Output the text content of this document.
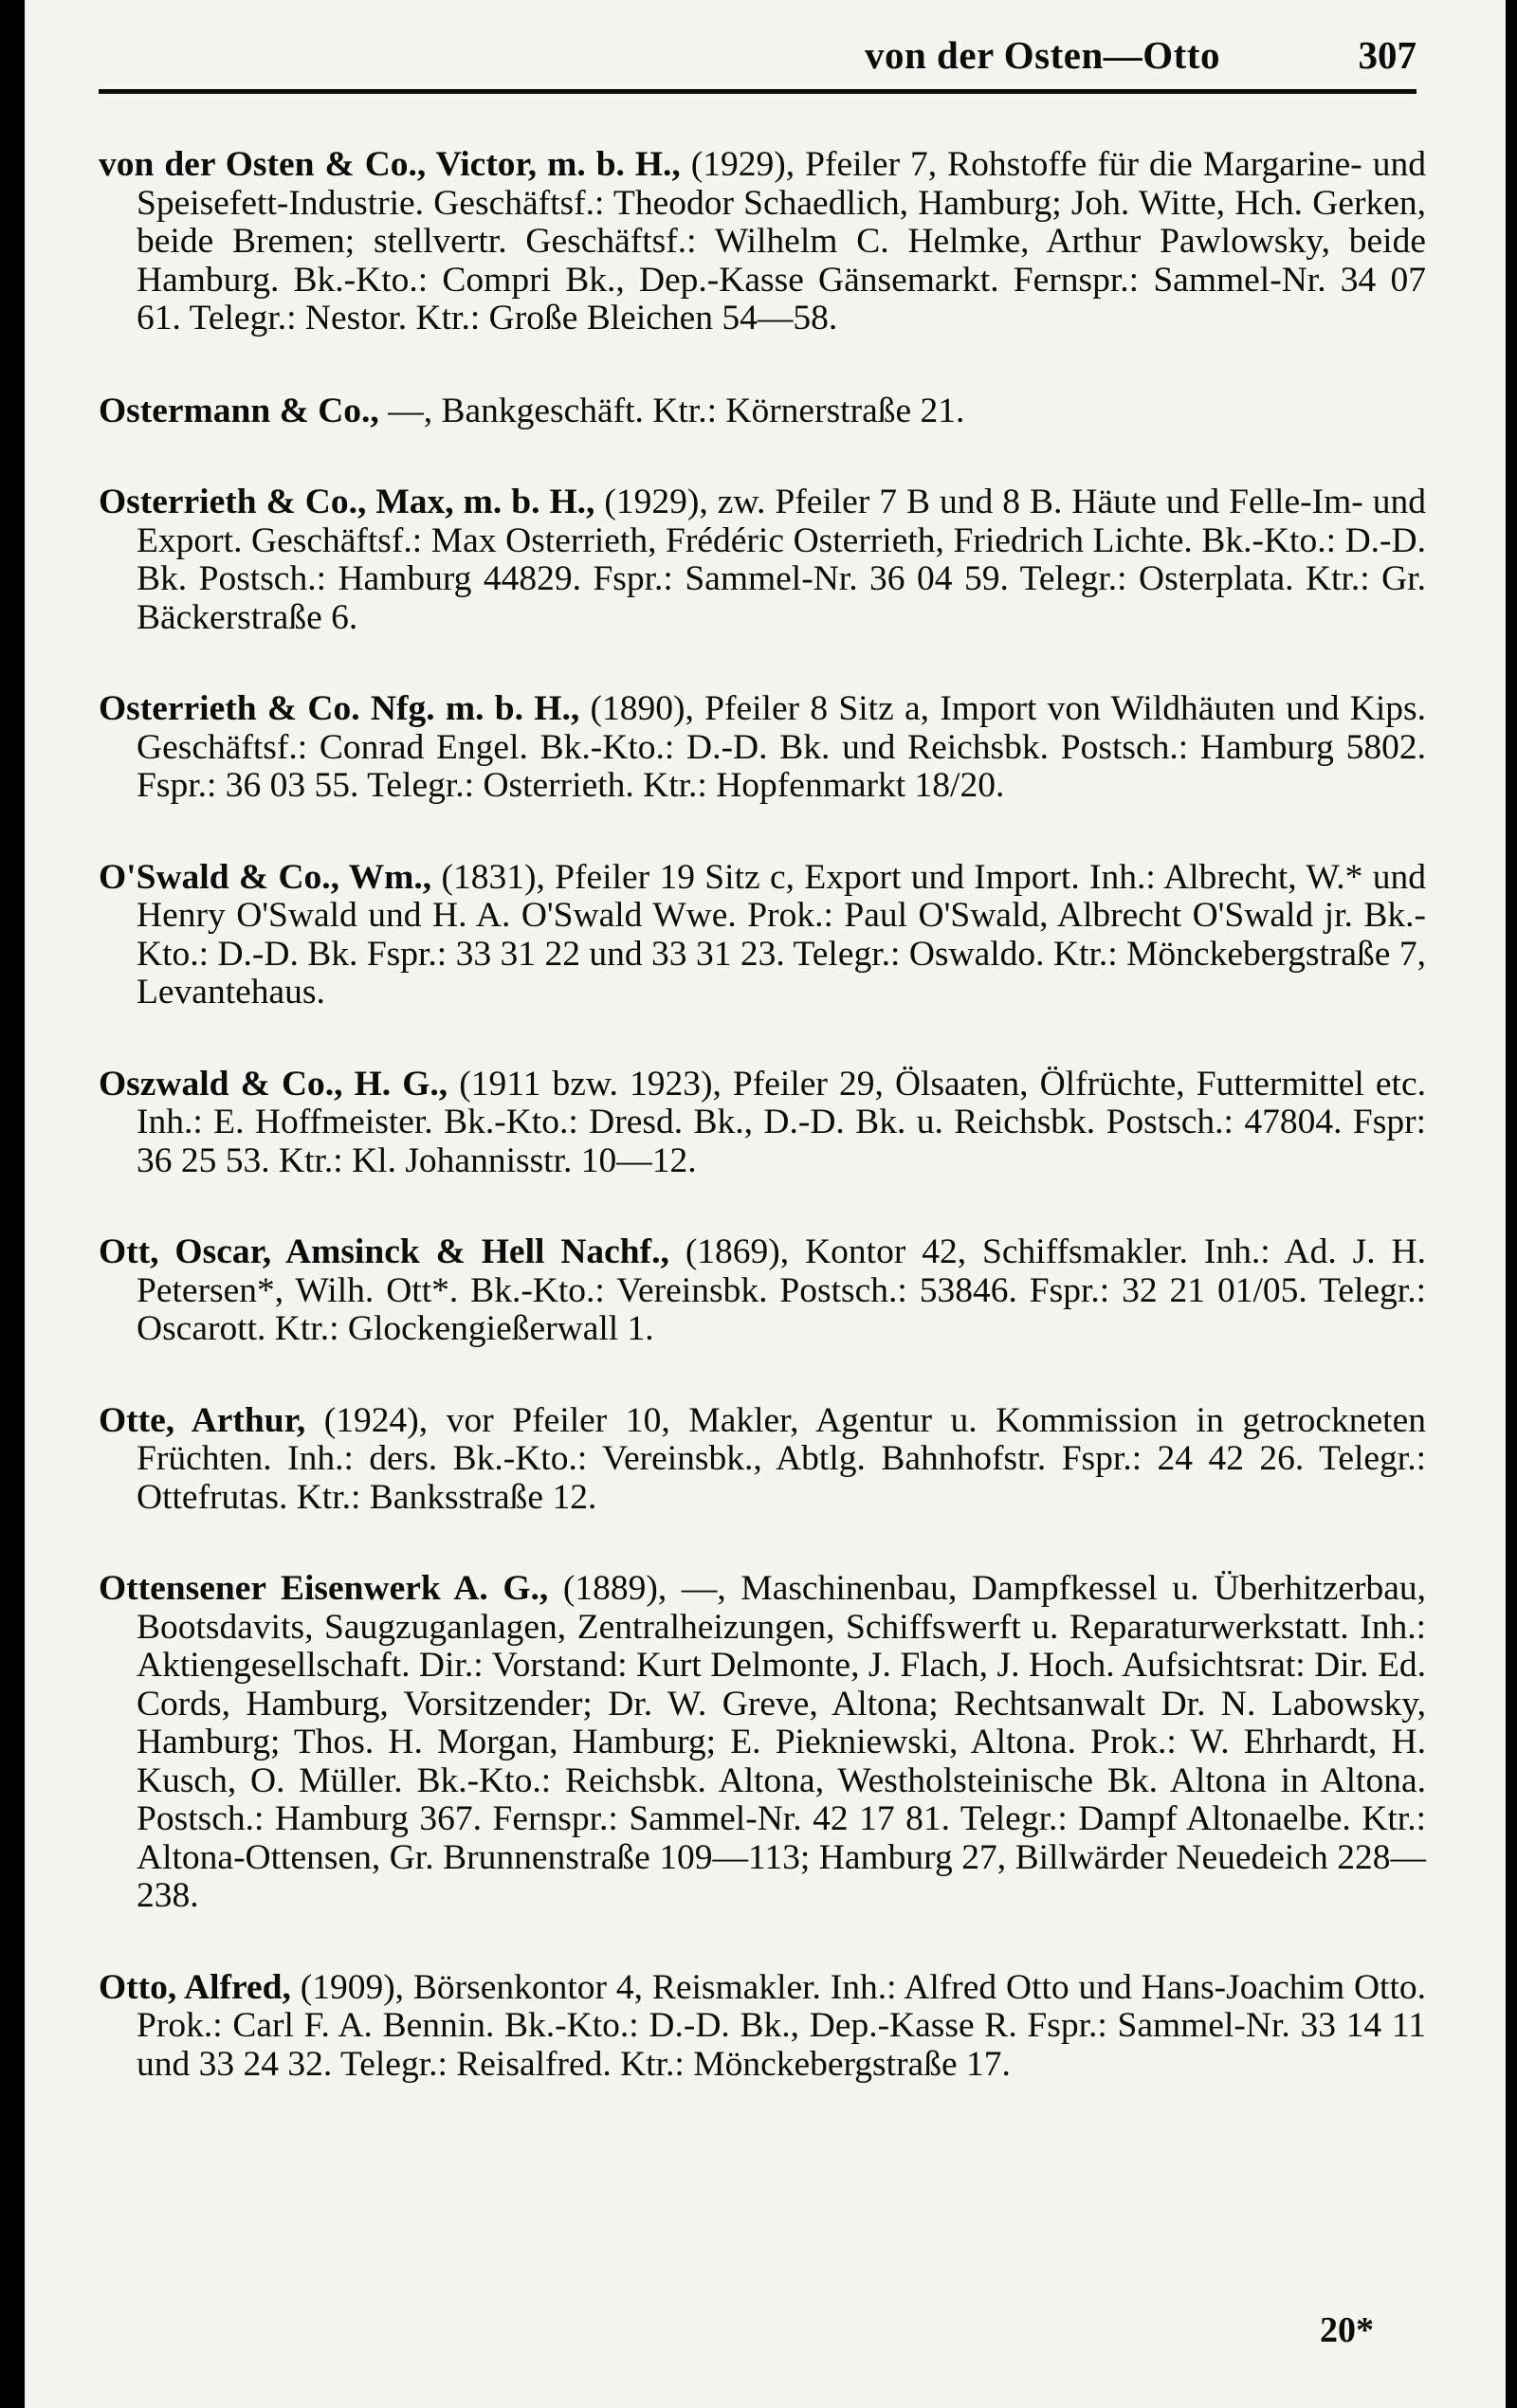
von der Osten—Otto	307

von der Osten & Co., Victor, m. b. H., (1929), Pfeiler 7, Rohstoffe für die Margarine- und Speisefett-Industrie. Geschäftsf.: Theodor Schaedlich, Hamburg; Joh. Witte, Hch. Gerken, beide Bremen; stellvertr. Geschäftsf.: Wilhelm C. Helmke, Arthur Pawlowsky, beide Hamburg. Bk.-Kto.: Compri Bk., Dep.-Kasse Gänsemarkt. Fernspr.: Sammel-Nr. 34 07 61. Telegr.: Nestor. Ktr.: Große Bleichen 54—58.

Ostermann & Co., —, Bankgeschäft. Ktr.: Körnerstraße 21.

Osterrieth & Co., Max, m. b. H., (1929), zw. Pfeiler 7 B und 8 B. Häute und Felle-Im- und Export. Geschäftsf.: Max Osterrieth, Frédéric Osterrieth, Friedrich Lichte. Bk.-Kto.: D.-D. Bk. Postsch.: Hamburg 44829. Fspr.: Sammel-Nr. 36 04 59. Telegr.: Osterplata. Ktr.: Gr. Bäckerstraße 6.

Osterrieth & Co. Nfg. m. b. H., (1890), Pfeiler 8 Sitz a, Import von Wildhäuten und Kips. Geschäftsf.: Conrad Engel. Bk.-Kto.: D.-D. Bk. und Reichsbk. Postsch.: Hamburg 5802. Fspr.: 36 03 55. Telegr.: Osterrieth. Ktr.: Hopfenmarkt 18/20.

O'Swald & Co., Wm., (1831), Pfeiler 19 Sitz c, Export und Import. Inh.: Albrecht, W.* und Henry O'Swald und H. A. O'Swald Wwe. Prok.: Paul O'Swald, Albrecht O'Swald jr. Bk.-Kto.: D.-D. Bk. Fspr.: 33 31 22 und 33 31 23. Telegr.: Oswaldo. Ktr.: Mönckebergstraße 7, Levantehaus.

Oszwald & Co., H. G., (1911 bzw. 1923), Pfeiler 29, Ölsaaten, Ölfrüchte, Futtermittel etc. Inh.: E. Hoffmeister. Bk.-Kto.: Dresd. Bk., D.-D. Bk. u. Reichsbk. Postsch.: 47804. Fspr: 36 25 53. Ktr.: Kl. Johannisstr. 10—12.

Ott, Oscar, Amsinck & Hell Nachf., (1869), Kontor 42, Schiffsmakler. Inh.: Ad. J. H. Petersen*, Wilh. Ott*. Bk.-Kto.: Vereinsbk. Postsch.: 53846. Fspr.: 32 21 01/05. Telegr.: Oscarott. Ktr.: Glockengießerwall 1.

Otte, Arthur, (1924), vor Pfeiler 10, Makler, Agentur u. Kommission in getrockneten Früchten. Inh.: ders. Bk.-Kto.: Vereinsbk., Abtlg. Bahnhofstr. Fspr.: 24 42 26. Telegr.: Ottefrutas. Ktr.: Banksstraße 12.

Ottensener Eisenwerk A. G., (1889), —, Maschinenbau, Dampfkessel u. Überhitzerbau, Bootsdavits, Saugzuganlagen, Zentralheizungen, Schiffswerft u. Reparaturwerkstatt. Inh.: Aktiengesellschaft. Dir.: Vorstand: Kurt Delmonte, J. Flach, J. Hoch. Aufsichtsrat: Dir. Ed. Cords, Hamburg, Vorsitzender; Dr. W. Greve, Altona; Rechtsanwalt Dr. N. Labowsky, Hamburg; Thos. H. Morgan, Hamburg; E. Piekniewski, Altona. Prok.: W. Ehrhardt, H. Kusch, O. Müller. Bk.-Kto.: Reichsbk. Altona, Westholsteinische Bk. Altona in Altona. Postsch.: Hamburg 367. Fernspr.: Sammel-Nr. 42 17 81. Telegr.: Dampf Altonaelbe. Ktr.: Altona-Ottensen, Gr. Brunnenstraße 109—113; Hamburg 27, Billwärder Neuedeich 228—238.

Otto, Alfred, (1909), Börsenkontor 4, Reismakler. Inh.: Alfred Otto und Hans-Joachim Otto. Prok.: Carl F. A. Bennin. Bk.-Kto.: D.-D. Bk., Dep.-Kasse R. Fspr.: Sammel-Nr. 33 14 11 und 33 24 32. Telegr.: Reisalfred. Ktr.: Mönckebergstraße 17.

20*
